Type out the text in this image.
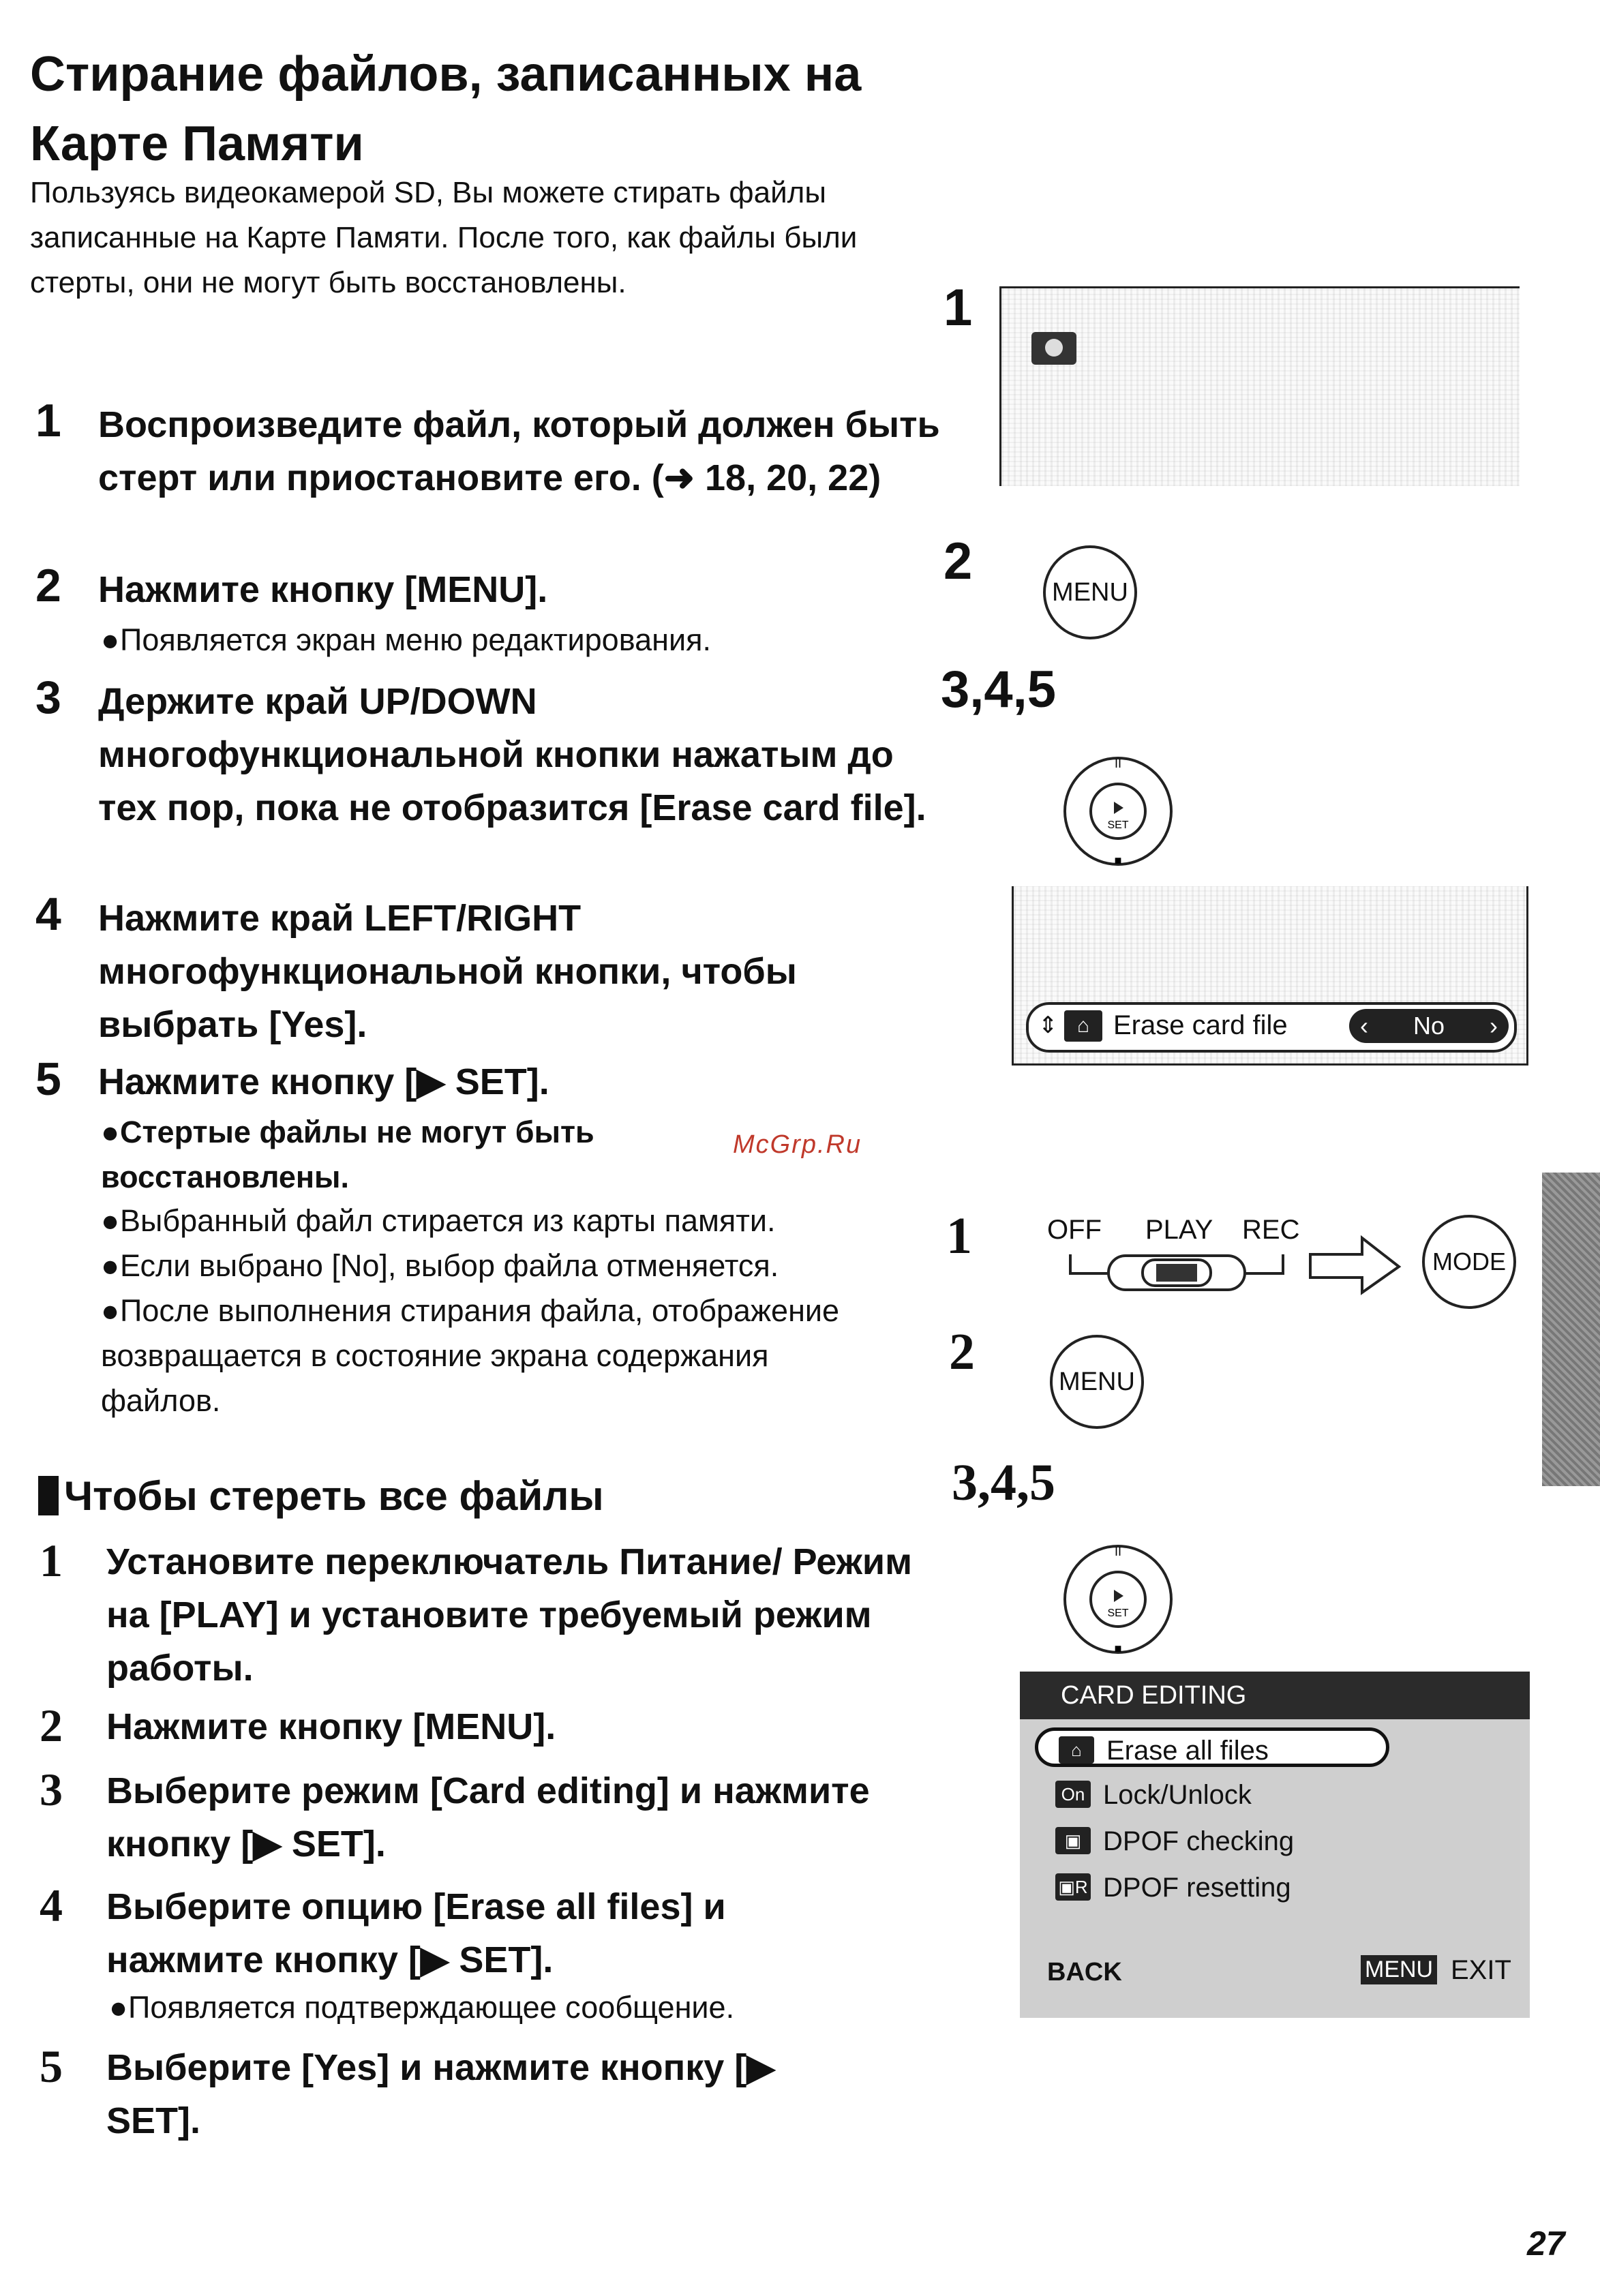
Стирание файлов, записанных на Карте Памяти
Пользуясь видеокамерой SD, Вы можете стирать файлы записанные на Карте Памяти. После того, как файлы были стерты, они не могут быть восстановлены.
1 Воспроизведите файл, который должен быть стерт или приостановите его. (➜ 18, 20, 22)
2 Нажмите кнопку [MENU].
●Появляется экран меню редактирования.
3 Держите край UP/DOWN многофункциональной кнопки нажатым до тех пор, пока не отобразится [Erase card file].
4 Нажмите край LEFT/RIGHT многофункциональной кнопки, чтобы выбрать [Yes].
5 Нажмите кнопку [▶ SET].
●Стертые файлы не могут быть восстановлены.
McGrp.Ru
●Выбранный файл стирается из карты памяти.
●Если выбрано [No], выбор файла отменяется.
●После выполнения стирания файла, отображение возвращается в состояние экрана содержания файлов.
Чтобы стереть все файлы
1 Установите переключатель Питание/ Режим на [PLAY] и установите требуемый режим работы.
2 Нажмите кнопку [MENU].
3 Выберите режим [Card editing] и нажмите кнопку [▶ SET].
4 Выберите опцию [Erase all files] и нажмите кнопку [▶ SET].
●Появляется подтверждающее сообщение.
5 Выберите [Yes] и нажмите кнопку [▶ SET].
1
2
MENU
3,4,5
SET
II
■
⇕ ⌂ Erase card file	‹ No ›
1	OFF PLAY REC
MODE
2
MENU
3,4,5
SET
II
■
CARD EDITING
⌂ Erase all files
On Lock/Unlock
▣ DPOF checking
▣R DPOF resetting
BACK	MENU EXIT
27
